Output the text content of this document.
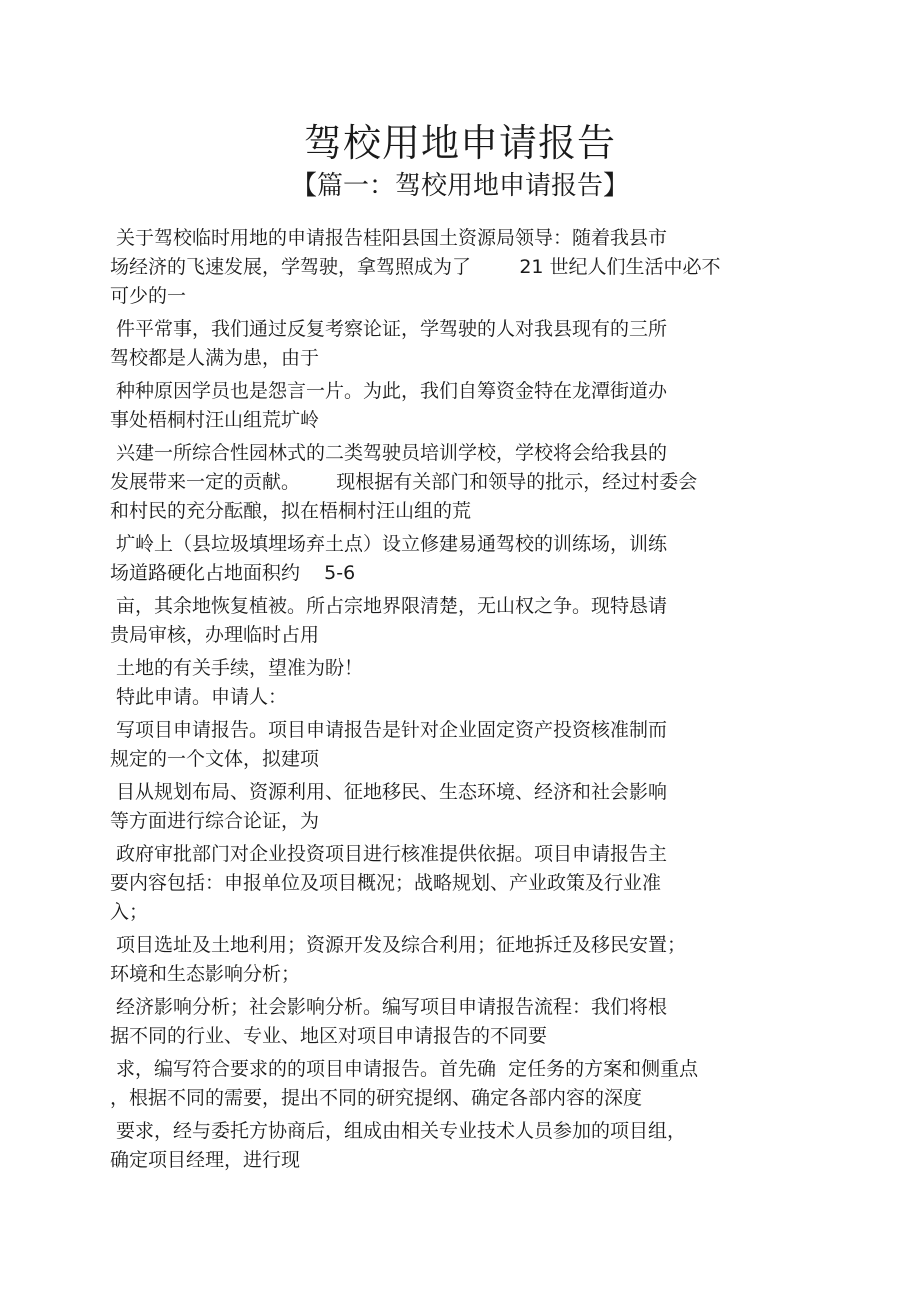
驾校用地申请报告
【篇一：驾校用地申请报告】

关于驾校临时用地的申请报告桂阳县国土资源局领导：随着我县市

场经济的飞速发展，学驾驶，拿驾照成为了        21 世纪人们生活中必不

可少的一

件平常事，我们通过反复考察论证，学驾驶的人对我县现有的三所

驾校都是人满为患，由于

种种原因学员也是怨言一片。为此，我们自筹资金特在龙潭街道办

事处梧桐村汪山组荒圹岭

兴建一所综合性园林式的二类驾驶员培训学校，学校将会给我县的

发展带来一定的贡献。      现根据有关部门和领导的批示，经过村委会

和村民的充分酝酿，拟在梧桐村汪山组的荒

圹岭上（县垃圾填埋场弃土点）设立修建易通驾校的训练场，训练

场道路硬化占地面积约    5-6

亩，其余地恢复植被。所占宗地界限清楚，无山权之争。现特恳请

贵局审核，办理临时占用

土地的有关手续，望准为盼！

特此申请。申请人：

写项目申请报告。项目申请报告是针对企业固定资产投资核准制而

规定的一个文体，拟建项

目从规划布局、资源利用、征地移民、生态环境、经济和社会影响

等方面进行综合论证，为

政府审批部门对企业投资项目进行核准提供依据。项目申请报告主

要内容包括：申报单位及项目概况；战略规划、产业政策及行业准

入；

项目选址及土地利用；资源开发及综合利用；征地拆迁及移民安置；

环境和生态影响分析；

经济影响分析；社会影响分析。编写项目申请报告流程：我们将根

据不同的行业、专业、地区对项目申请报告的不同要

求，编写符合要求的的项目申请报告。首先确  定任务的方案和侧重点

，根据不同的需要，提出不同的研究提纲、确定各部内容的深度

要求，经与委托方协商后，组成由相关专业技术人员参加的项目组，

确定项目经理，进行现
